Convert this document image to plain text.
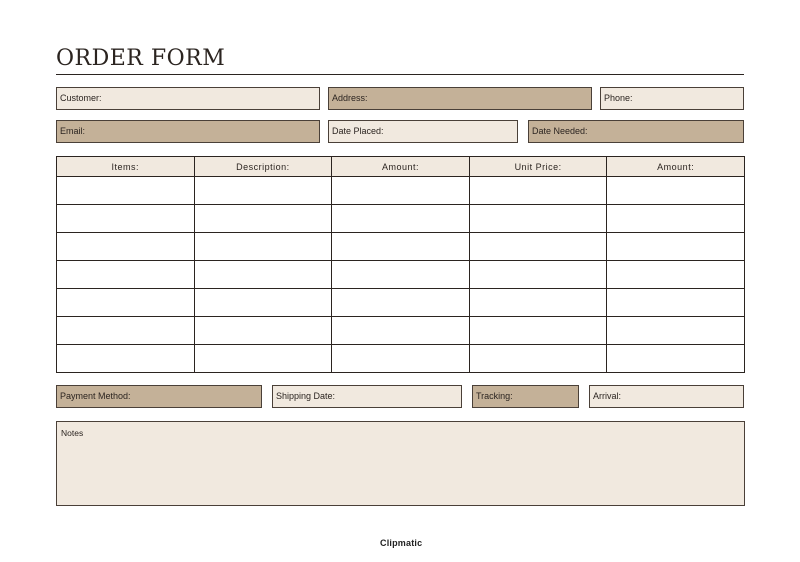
ORDER FORM
Customer:	Address:	Phone:
Email:	Date Placed:	Date Needed:
Items:	Description:	Amount:	Unit Price:	Amount:

Payment Method:	Shipping Date:	Tracking:	Arrival:
Notes
Clipmatic
